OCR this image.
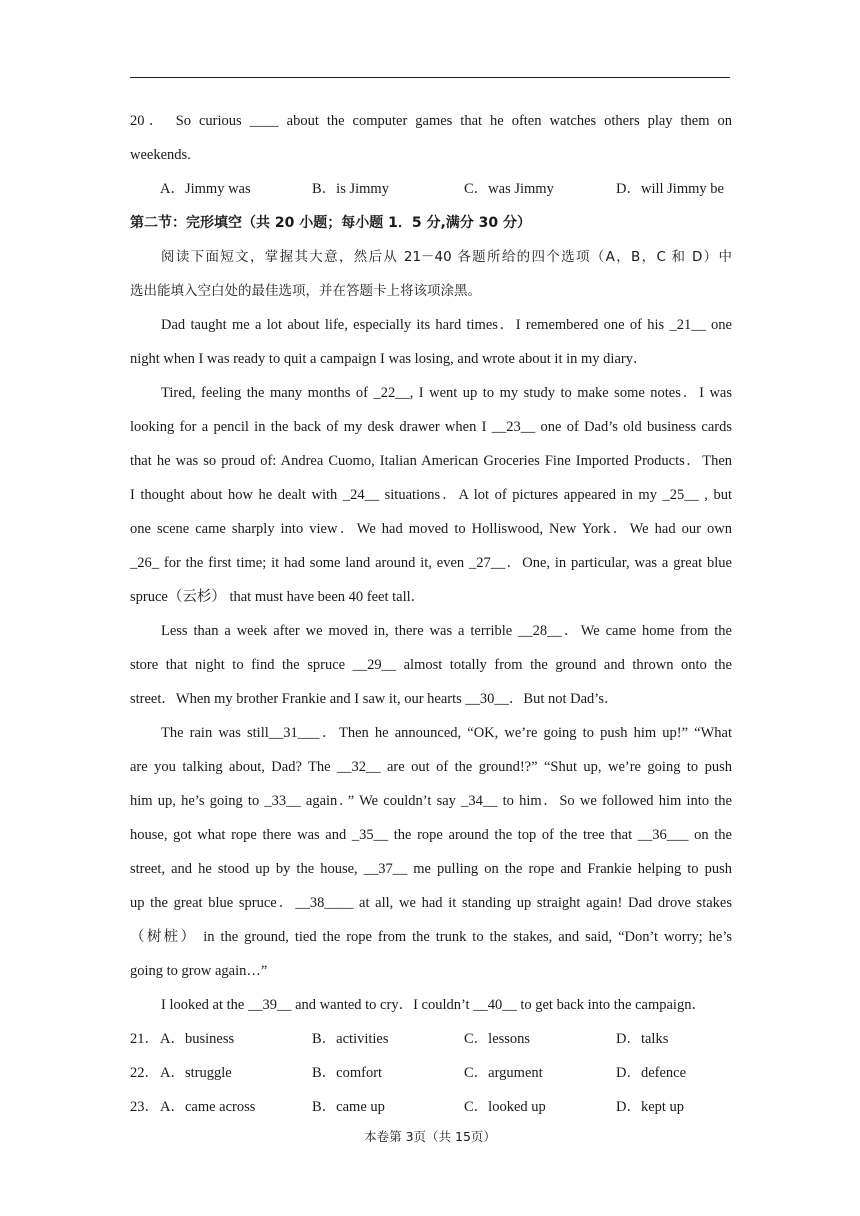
20． So curious ____ about the computer games that he often watches others play them on
weekends.
A．Jimmy was	B．is Jimmy	C．was Jimmy	D．will Jimmy be
第二节：完形填空（共 20 小题；每小题 1．5 分,满分 30 分）
阅读下面短文，掌握其大意，然后从 21－40 各题所给的四个选项（A，B，C 和 D）中
选出能填入空白处的最佳选项，并在答题卡上将该项涂黑。
Dad taught me a lot about life, especially its hard times．I remembered one of his _21__ one
night when I was ready to quit a campaign I was losing, and wrote about it in my diary．
Tired, feeling the many months of _22__, I went up to my study to make some notes．I was
looking for a pencil in the back of my desk drawer when I __23__ one of Dad’s old business cards
that he was so proud of: Andrea Cuomo, Italian American Groceries Fine Imported Products．Then
I thought about how he dealt with _24__ situations．A lot of pictures appeared in my _25__ , but
one scene came sharply into view．We had moved to Holliswood, New York．We had our own
_26_ for the first time; it had some land around it, even _27__．One, in particular, was a great blue
spruce（云杉） that must have been 40 feet tall．
Less than a week after we moved in, there was a terrible __28__．We came home from the
store that night to find the spruce __29__ almost totally from the ground and thrown onto the
street．When my brother Frankie and I saw it, our hearts __30__．But not Dad’s．
The rain was still__31___．Then he announced, “OK, we’re going to push him up!” “What
are you talking about, Dad? The __32__ are out of the ground!?” “Shut up, we’re going to push
him up, he’s going to _33__ again．” We couldn’t say _34__ to him．So we followed him into the
house, got what rope there was and _35__ the rope around the top of the tree that __36___ on the
street, and he stood up by the house, __37__ me pulling on the rope and Frankie helping to push
up the great blue spruce．__38____ at all, we had it standing up straight again! Dad drove stakes
（树桩） in the ground, tied the rope from the trunk to the stakes, and said, “Don’t worry; he’s
going to grow again…”
I looked at the __39__ and wanted to cry．I couldn’t __40__ to get back into the campaign．
21． A．business	B．activities	C．lessons	D．talks
22． A．struggle	B．comfort	C．argument	D．defence
23． A．came across	B．came up	C．looked up	D．kept up
本卷第 3页（共 15页）
